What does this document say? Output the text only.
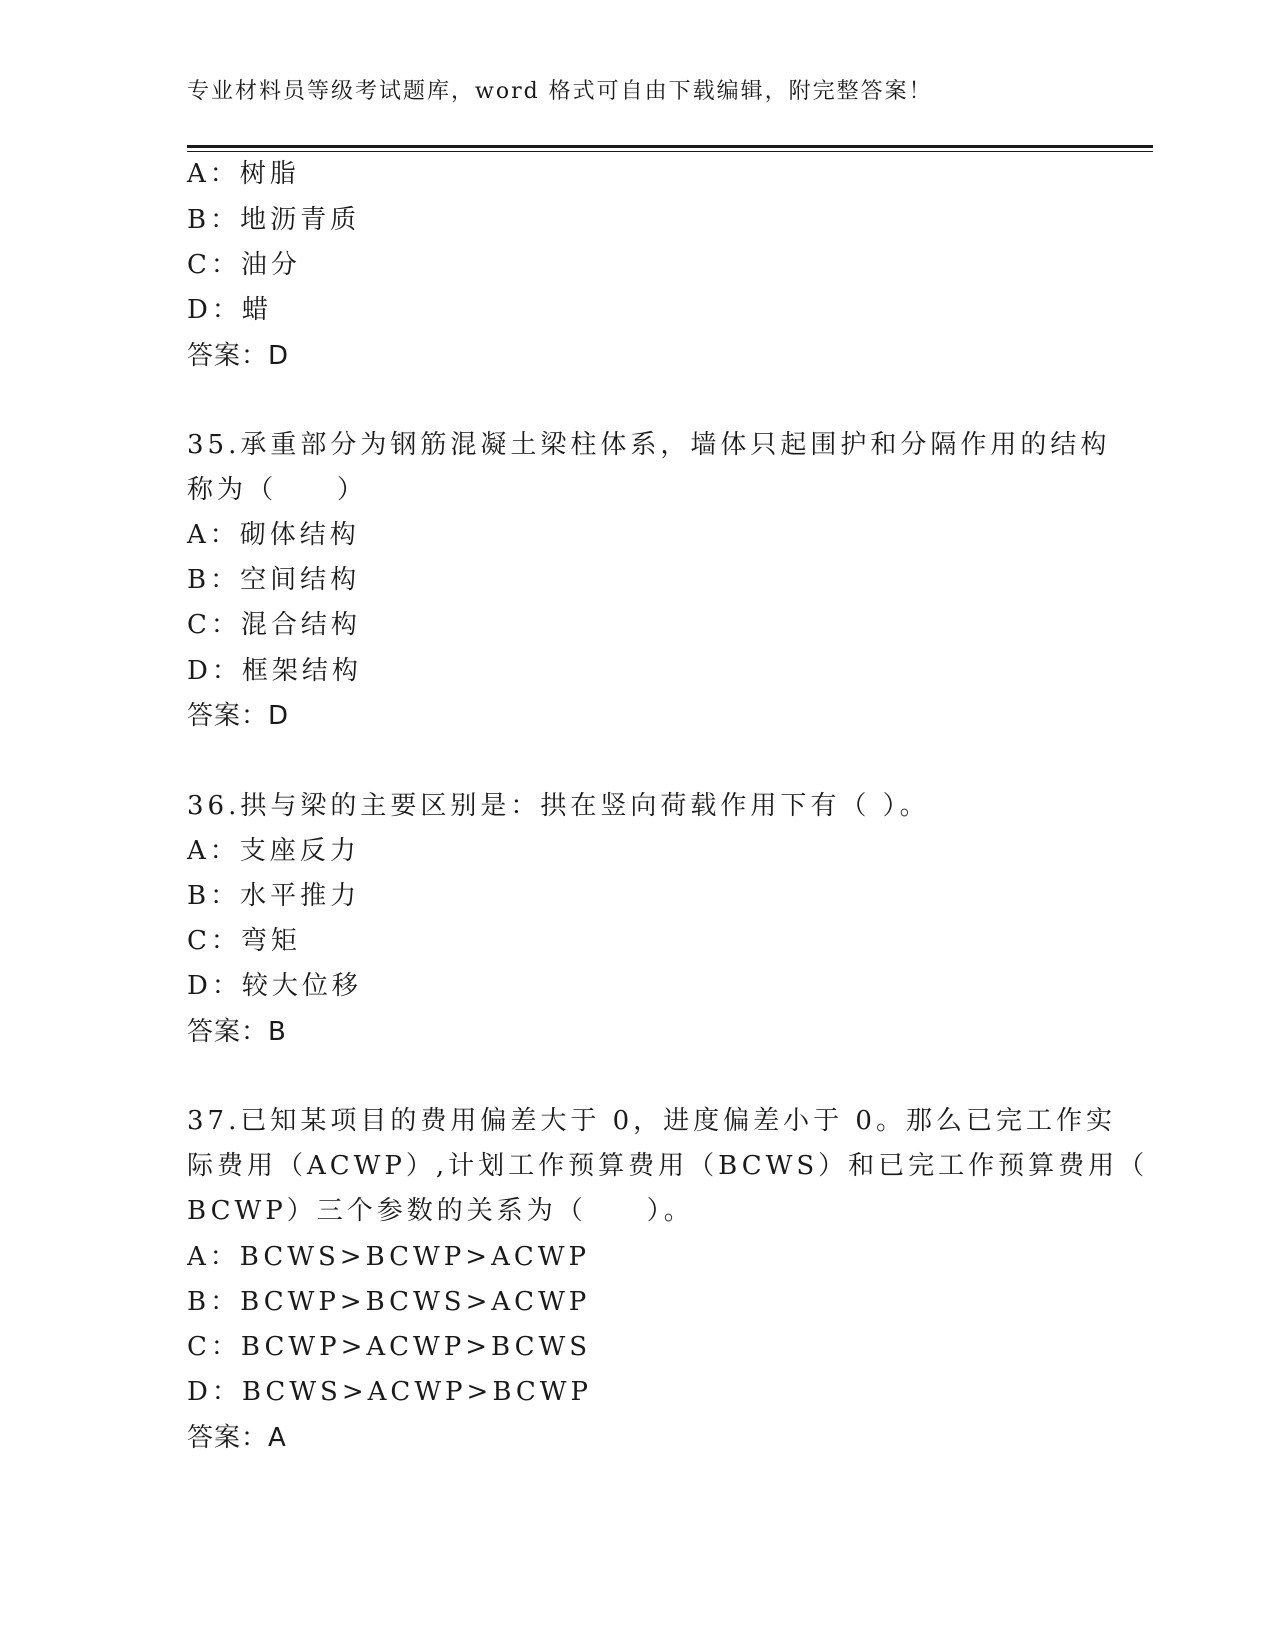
专业材料员等级考试题库，word 格式可自由下载编辑，附完整答案！
A：树脂
B：地沥青质
C：油分
D：蜡
答案：D
35.承重部分为钢筋混凝土梁柱体系，墙体只起围护和分隔作用的结构
称为（　　）
A：砌体结构
B：空间结构
C：混合结构
D：框架结构
答案：D
36.拱与梁的主要区别是：拱在竖向荷载作用下有（ ）。
A：支座反力
B：水平推力
C：弯矩
D：较大位移
答案：B
37.已知某项目的费用偏差大于 0，进度偏差小于 0。那么已完工作实
际费用（ACWP）,计划工作预算费用（BCWS）和已完工作预算费用（
BCWP）三个参数的关系为（　　）。
A：BCWS>BCWP>ACWP
B：BCWP>BCWS>ACWP
C：BCWP>ACWP>BCWS
D：BCWS>ACWP>BCWP
答案：A
